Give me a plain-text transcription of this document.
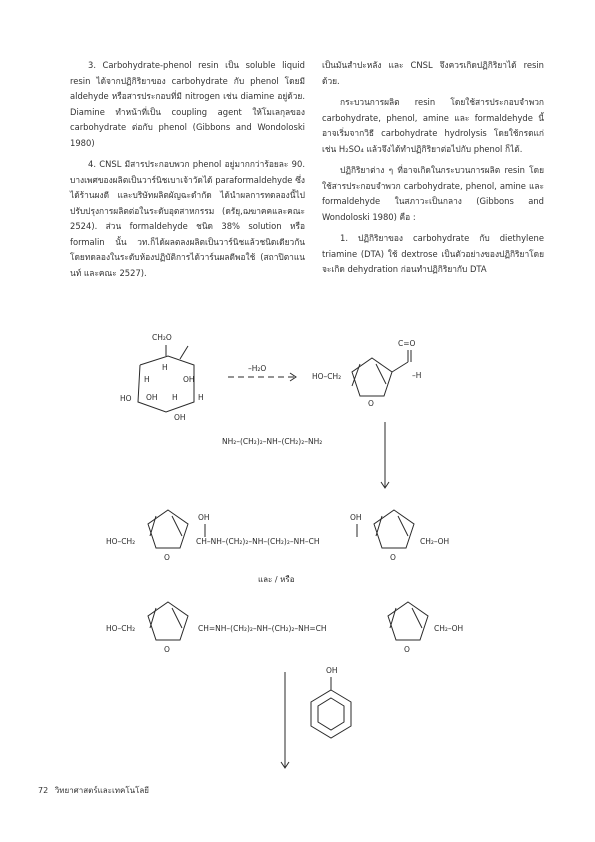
3. Carbohydrate-phenol resin เป็น soluble liquid resin ได้จากปฏิกิริยาของ carbohydrate กับ phenol โดยมี aldehyde หรือสารประกอบที่มี nitrogen เช่น diamine อยู่ด้วย. Diamine ทำหน้าที่เป็น coupling agent ให้โมเลกุลของ carbohydrate ต่อกับ phenol (Gibbons and Wondoloski 1980)

4. CNSL มีสารประกอบพวก phenol อยู่มากกว่าร้อยละ 90. บางเพศของผลิตเป็นวาร์นิชเบาเจ้าวัดได้ paraformaldehyde ซึ่งได้ร้านผงดี และบริษัทผลิตผัญฉะดำกัด ได้นำผลการทดลองนี้ไปปรับปรุงการผลิตต่อในระดับอุตสาหกรรม (ดรัยุ,ฌฆาคคและคณะ 2524). ส่วน formaldehyde ชนิด 38% solution หรือ formalin นั้น วท.ก็ได้ผลตลงผลิตเป็นวาร์นิชแล้วชนิดเดียวกัน โดยทดลองในระดับห้องปฏิบัติการได้วาร์นผลดีพอใช้ (สถาปิตาแนนท์ และคณะ 2527).

เป็นมันสำปะหลัง และ CNSL จึงควรเกิดปฏิกิริยาได้ resin ด้วย.

กระบวนการผลิต resin โดยใช้สารประกอบจำพวก carbohydrate, phenol, amine และ formaldehyde นี้ อาจเริ่มจากวิธี carbohydrate hydrolysis โดยใช้กรดแก่ เช่น H₂SO₄ แล้วจึงได้ทำปฏิกิริยาต่อไปกับ phenol ก็ได้.

ปฏิกิริยาต่าง ๆ ที่อาจเกิดในกระบวนการผลิต resin โดยใช้สารประกอบจำพวก carbohydrate, phenol, amine และ formaldehyde ในสภาวะเป็นกลาง (Gibbons and Wondoloski 1980) คือ :

1. ปฏิกิริยาของ carbohydrate กับ diethylene triamine (DTA) ใช้ dextrose เป็นตัวอย่างของปฏิกิริยาโดยจะเกิด dehydration ก่อนทำปฏิกิริยากับ DTA

CH₂O
H
H	OH
HO OH H	H
OH
–H₂O
HO–CH₂
C=O
–H
O
NH₂–(CH₂)₂–NH–(CH₂)₂–NH₂
HO–CH₂
OH
CH–NH–(CH₂)₂–NH–(CH₂)₂–NH–CH
OH
CH₂–OH
O	O
และ / หรือ
HO–CH₂	CH=NH–(CH₂)₂–NH–(CH₂)₂–NH=CH	CH₂–OH
O	O
OH
72 วิทยาศาสตร์และเทคโนโลยี
